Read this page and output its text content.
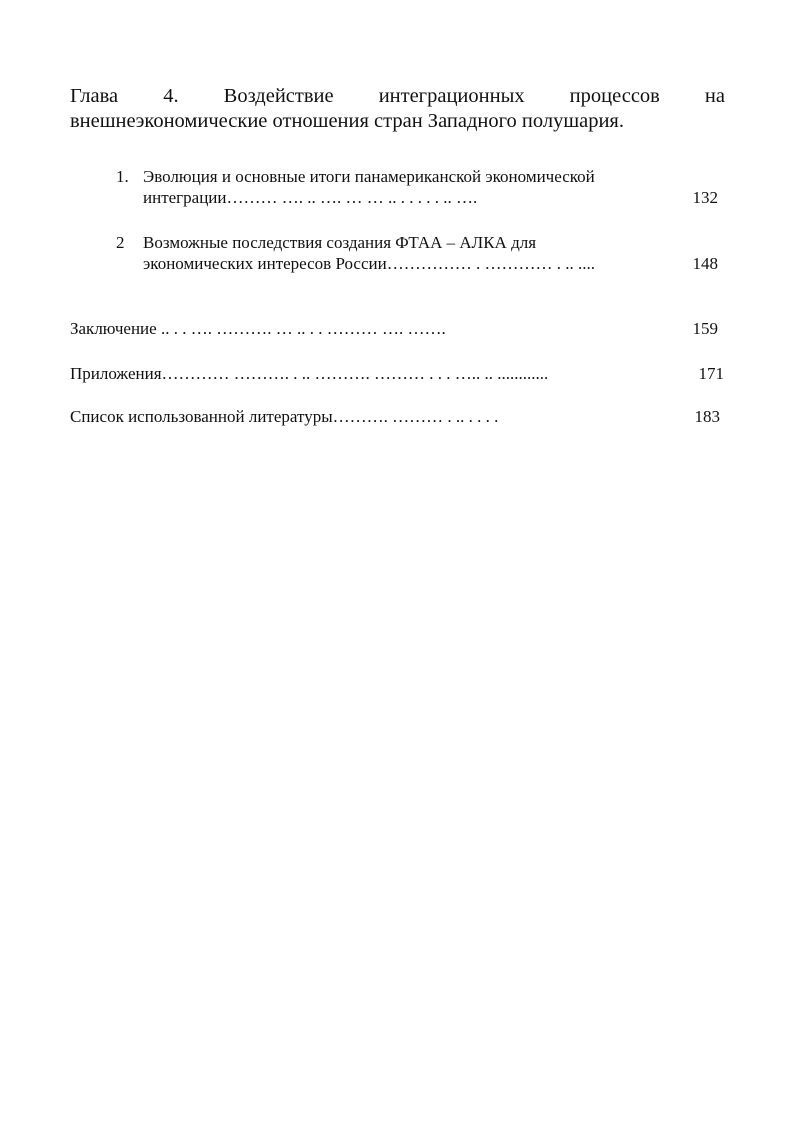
Глава 4. Воздействие интеграционных процессов на
внешнеэкономические отношения стран Западного полушария.
1. Эволюция и основные итоги панамериканской экономической
интеграции……… …. .. …. … … .. . . . . . .. ….	132
2 Возможные последствия создания ФТАА – АЛКА для
экономических интересов России…………… . ………… . .. ....	148
Заключение .. . . …. ………. … .. . . ……… …. …….	159
Приложения………… ………. . .. ………. ……… . . . ….. .. ............	171
Список использованной литературы………. ……… . .. . . . .	183
